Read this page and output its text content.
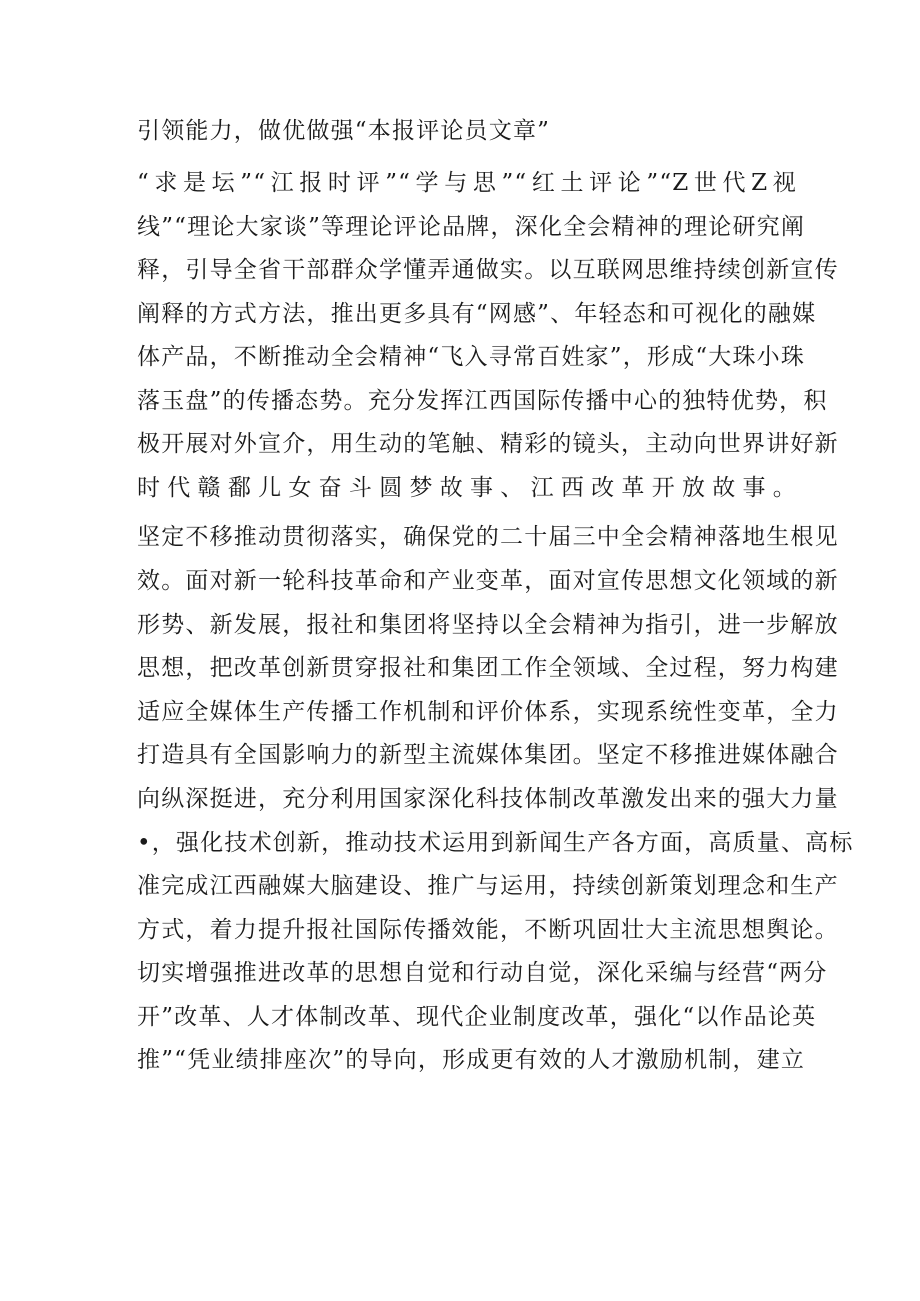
引领能力，做优做强“本报评论员文章”

“求是坛”“江报时评”“学与思”“红土评论”“Z世代Z视

线”“理论大家谈”等理论评论品牌，深化全会精神的理论研究阐

释，引导全省干部群众学懂弄通做实。以互联网思维持续创新宣传

阐释的方式方法，推出更多具有“网感”、年轻态和可视化的融媒

体产品，不断推动全会精神“飞入寻常百姓家”，形成“大珠小珠

落玉盘”的传播态势。充分发挥江西国际传播中心的独特优势，积

极开展对外宣介，用生动的笔触、精彩的镜头，主动向世界讲好新

时代赣鄱儿女奋斗圆梦故事、江西改革开放故事。

坚定不移推动贯彻落实，确保党的二十届三中全会精神落地生根见

效。面对新一轮科技革命和产业变革，面对宣传思想文化领域的新

形势、新发展，报社和集团将坚持以全会精神为指引，进一步解放

思想，把改革创新贯穿报社和集团工作全领域、全过程，努力构建

适应全媒体生产传播工作机制和评价体系，实现系统性变革，全力

打造具有全国影响力的新型主流媒体集团。坚定不移推进媒体融合

向纵深挺进，充分利用国家深化科技体制改革激发出来的强大力量

•，强化技术创新，推动技术运用到新闻生产各方面，高质量、高标

准完成江西融媒大脑建设、推广与运用，持续创新策划理念和生产

方式，着力提升报社国际传播效能，不断巩固壮大主流思想舆论。

切实增强推进改革的思想自觉和行动自觉，深化采编与经营“两分

开”改革、人才体制改革、现代企业制度改革，强化“以作品论英

推”“凭业绩排座次”的导向，形成更有效的人才激励机制，建立
